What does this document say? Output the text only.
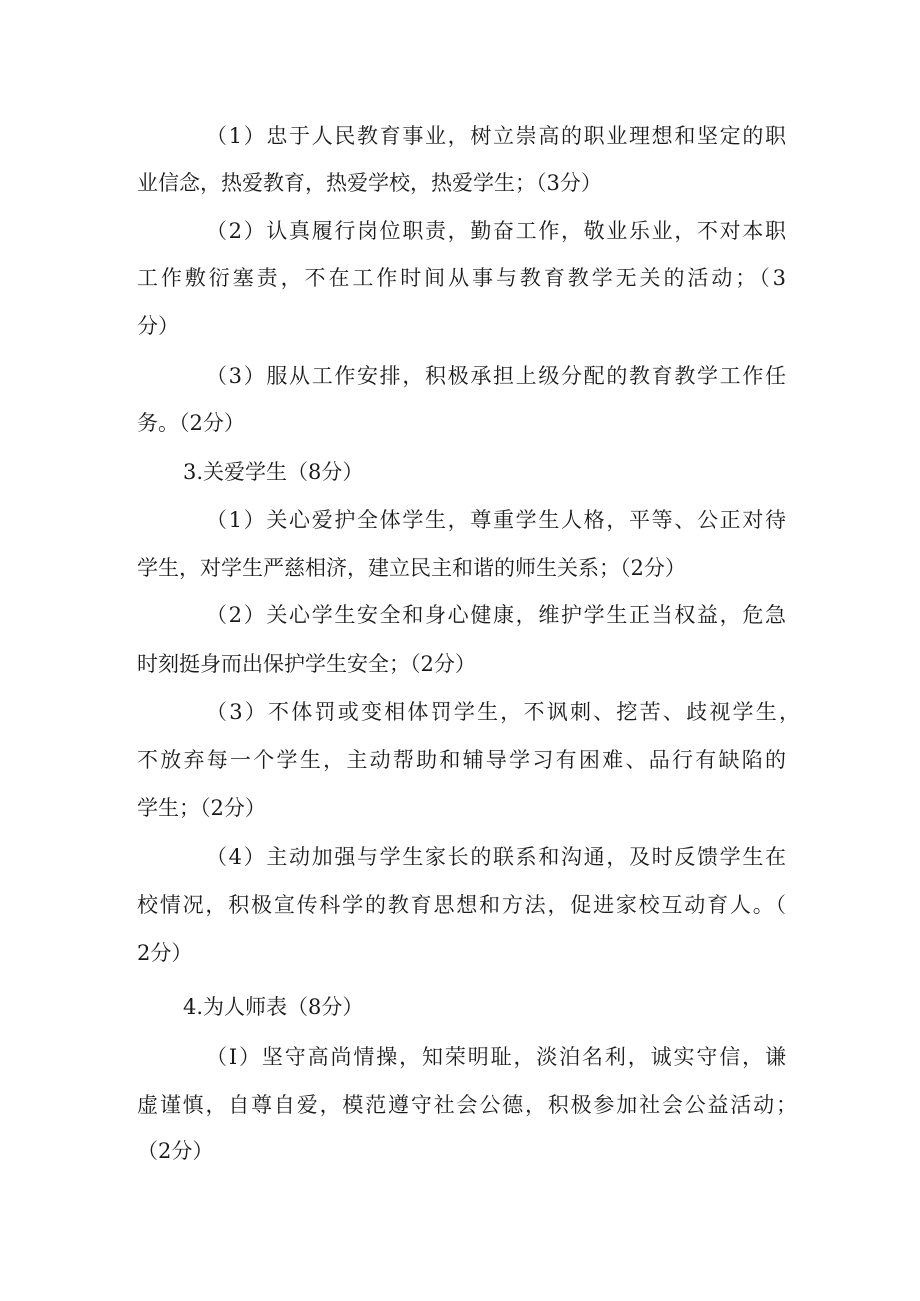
（1）忠于人民教育事业，树立崇高的职业理想和坚定的职
业信念，热爱教育，热爱学校，热爱学生；（3分）
（2）认真履行岗位职责，勤奋工作，敬业乐业，不对本职
工作敷衍塞责，不在工作时间从事与教育教学无关的活动；（3
分）
（3）服从工作安排，积极承担上级分配的教育教学工作任
务。（2分）
3.关爱学生（8分）
（1）关心爱护全体学生，尊重学生人格，平等、公正对待
学生，对学生严慈相济，建立民主和谐的师生关系；（2分）
（2）关心学生安全和身心健康，维护学生正当权益，危急
时刻挺身而出保护学生安全；（2分）
（3）不体罚或变相体罚学生，不讽刺、挖苦、歧视学生，
不放弃每一个学生，主动帮助和辅导学习有困难、品行有缺陷的
学生；（2分）
（4）主动加强与学生家长的联系和沟通，及时反馈学生在
校情况，积极宣传科学的教育思想和方法，促进家校互动育人。（
2分）
4.为人师表（8分）
（I）坚守高尚情操，知荣明耻，淡泊名利，诚实守信，谦
虚谨慎，自尊自爱，模范遵守社会公德，积极参加社会公益活动；
（2分）
